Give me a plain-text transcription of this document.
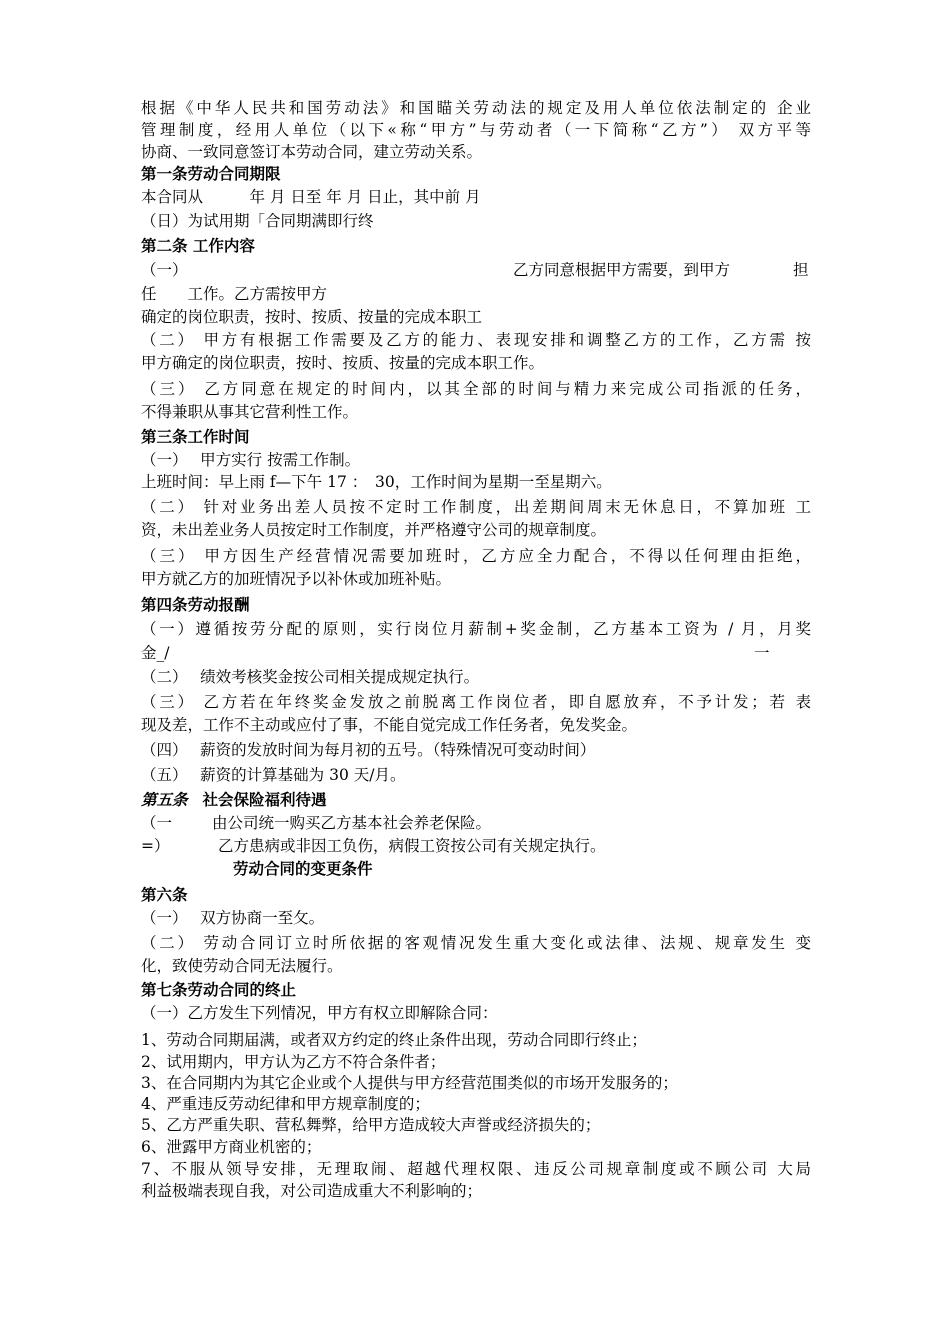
根据《中华人民共和国劳动法》和国瞄关劳动法的规定及用人单位依法制定的 企业
管理制度，经用人单位（以下«称“甲方”与劳动者（一下简称“乙方”） 双方平等
协商、一致同意签订本劳动合同，建立劳动关系。
第一条劳动合同期限
本合同从　　　年 月 日至 年 月 日止，其中前 月
（日）为试用期「合同期满即行终
第二条 工作内容
（一）	乙方同意根据甲方需要，到甲方	担
任　　工作。乙方需按甲方
确定的岗位职责，按时、按质、按量的完成本职工
（二） 甲方有根据工作需要及乙方的能力、表现安排和调整乙方的工作，乙方需 按
甲方确定的岗位职责，按时、按质、按量的完成本职工作。
（三） 乙方同意在规定的时间内，以其全部的时间与精力来完成公司指派的任务，
不得兼职从事其它营利性工作。
第三条工作时间
（一）　 甲方实行 按需工作制。
上班时间：早上雨 f—下午 17 ：　30，工作时间为星期一至星期六。
（二） 针对业务出差人员按不定时工作制度，出差期间周末无休息日，不算加班 工
资，未出差业务人员按定时工作制度，并严格遵守公司的规章制度。
（三） 甲方因生产经营情况需要加班时，乙方应全力配合，不得以任何理由拒绝，
甲方就乙方的加班情况予以补休或加班补贴。
第四条劳动报酬
（一）遵循按劳分配的原则，实行岗位月薪制+奖金制，乙方基本工资为 / 月，月奖
金_/	一
（二）　 绩效考核奖金按公司相关提成规定执行。
（三） 乙方若在年终奖金发放之前脱离工作岗位者，即自愿放弃，不予计发；若 表
现及差，工作不主动或应付了事，不能自觉完成工作任务者，免发奖金。
（四）　 薪资的发放时间为每月初的五号。（特殊情况可变动时间）
（五）　 薪资的计算基础为 30 天/月。
第五条 社会保险福利待遇
（一	由公司统一购买乙方基本社会养老保险。
=）	乙方患病或非因工负伤，病假工资按公司有关规定执行。
劳动合同的变更条件
第六条
（一）　 双方协商一至攵。
（二） 劳动合同订立时所依据的客观情况发生重大变化或法律、法规、规章发生 变
化，致使劳动合同无法履行。
第七条劳动合同的终止
（一）乙方发生下列情况，甲方有权立即解除合同：
1、劳动合同期届满，或者双方约定的终止条件出现，劳动合同即行终止；
2、试用期内，甲方认为乙方不符合条件者；
3、在合同期内为其它企业或个人提供与甲方经营范围类似的市场开发服务的；
4、严重违反劳动纪律和甲方规章制度的；
5、乙方严重失职、营私舞弊，给甲方造成较大声誉或经济损失的；
6、泄露甲方商业机密的；
7、不服从领导安排，无理取闹、超越代理权限、违反公司规章制度或不顾公司 大局
利益极端表现自我，对公司造成重大不利影响的；
